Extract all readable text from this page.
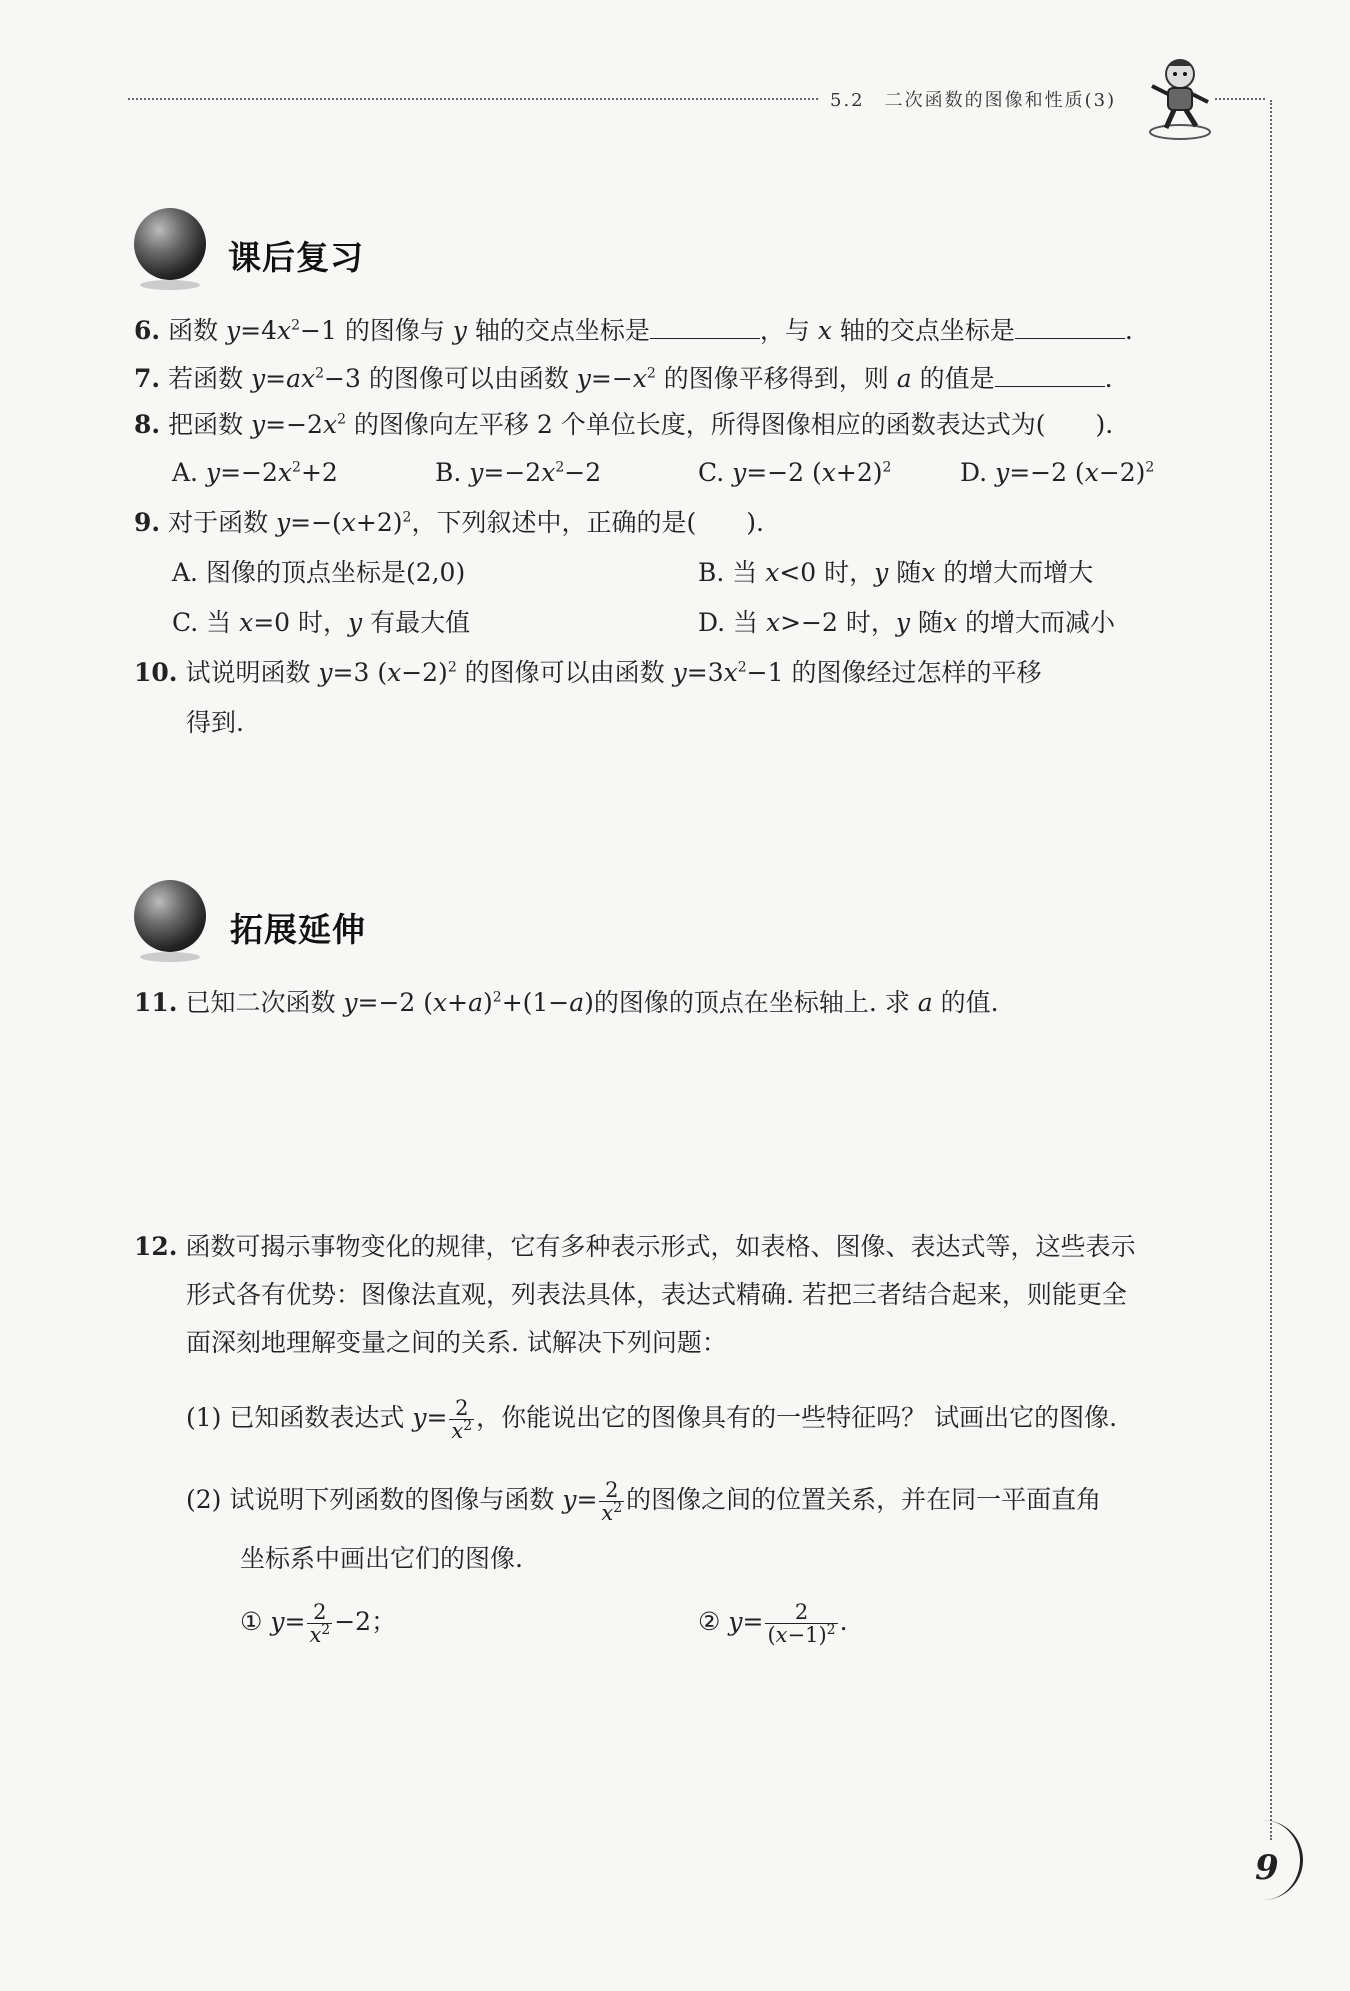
5.2　二次函数的图像和性质(3)
课后复习
6. 函数 $y=4x^2-1$ 的图像与 y 轴的交点坐标是	，与 x 轴的交点坐标是	.
7. 若函数 $y=ax^2-3$ 的图像可以由函数 $y=-x^2$ 的图像平移得到，则 a 的值是	.
8. 把函数 $y=-2x^2$ 的图像向左平移 2 个单位长度，所得图像相应的函数表达式为(　　).
A. $y=-2x^2+2$	B. $y=-2x^2-2$	C. y=−2 $(x+2)^2$	D. y=−2 $(x-2)^2$
9. 对于函数 $y=-(x+2)^2$，下列叙述中，正确的是(　　).
A. 图像的顶点坐标是(2,0)	B. 当 x<0 时，y 随x 的增大而增大
C. 当 x=0 时，y 有最大值	D. 当 x>−2 时，y 随x 的增大而减小
10. 试说明函数 y=3 $(x-2)^2$ 的图像可以由函数 $y=3x^2-1$ 的图像经过怎样的平移
得到.
拓展延伸
11. 已知二次函数 y=−2 $(x+a)^2+(1-a)$的图像的顶点在坐标轴上. 求 a 的值.
12. 函数可揭示事物变化的规律，它有多种表示形式，如表格、图像、表达式等，这些表示
形式各有优势：图像法直观，列表法具体，表达式精确. 若把三者结合起来，则能更全
面深刻地理解变量之间的关系. 试解决下列问题：
(1) 已知函数表达式 $y= \frac{2}{x^2}$ ，你能说出它的图像具有的一些特征吗？ 试画出它的图像.
(2) 试说明下列函数的图像与函数 $y= \frac{2}{x^2}$ 的图像之间的位置关系，并在同一平面直角
坐标系中画出它们的图像.
① $y= \frac{2}{x^2} -2$；	② $y= \frac{2}{(x-1)^2}$ .
9
